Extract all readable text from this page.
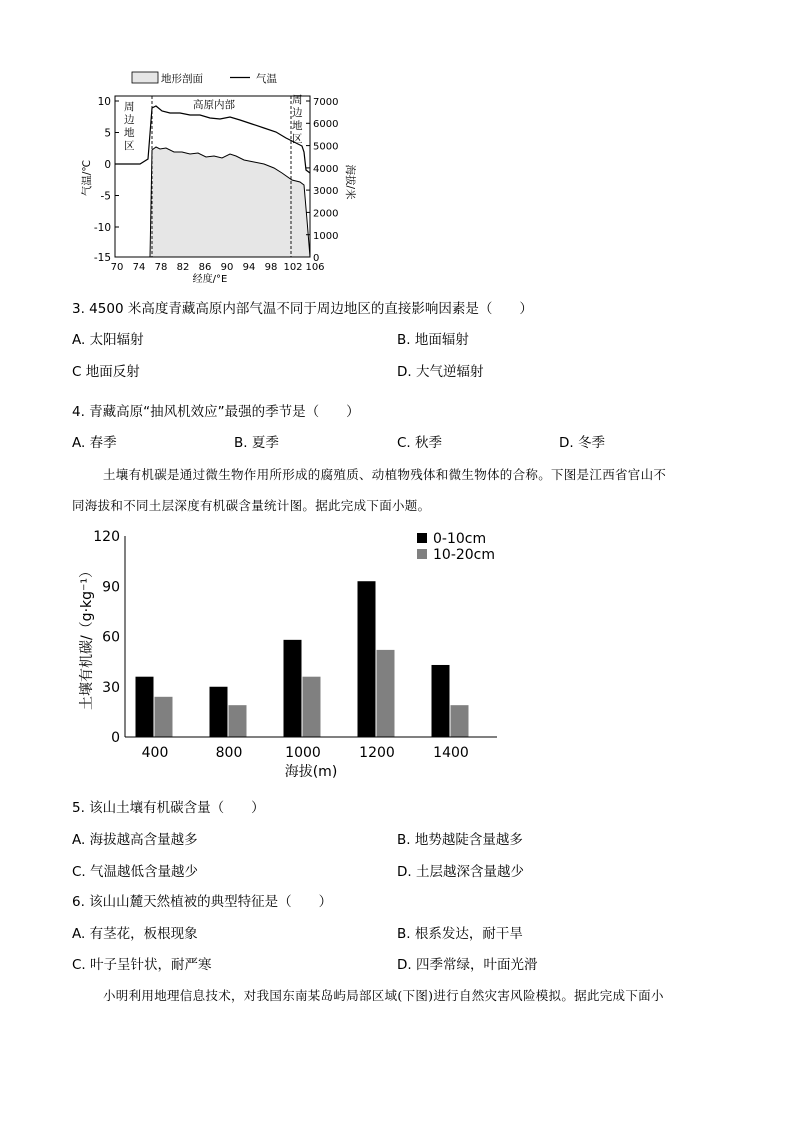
地形剖面	气温
周
边
地
区
高原内部	周
边
地
区
10
5
0
-5
-10
-15
气温/℃
7000
6000
5000
4000
3000
2000
1000
0
海拔/米
70 74 78 82 86 90 94 98 102 106
经度/°E
3. 4500 米高度青藏高原内部气温不同于周边地区的直接影响因素是（　　）
A. 太阳辐射	B. 地面辐射
C 地面反射	D. 大气逆辐射
4. 青藏高原“抽风机效应”最强的季节是（　　）
A. 春季	B. 夏季	C. 秋季	D. 冬季
土壤有机碳是通过微生物作用所形成的腐殖质、动植物残体和微生物体的合称。下图是江西省官山不
同海拔和不同土层深度有机碳含量统计图。据此完成下面小题。
120
90
60
30
0
400	800	1000	1200	1400
0-10cm
10-20cm
土壤有机碳/（g·kg⁻¹）
海拔(m)
5. 该山土壤有机碳含量（　　）
A. 海拔越高含量越多	B. 地势越陡含量越多
C. 气温越低含量越少	D. 土层越深含量越少
6. 该山山麓天然植被的典型特征是（　　）
A. 有茎花，板根现象	B. 根系发达，耐干旱
C. 叶子呈针状，耐严寒	D. 四季常绿，叶面光滑
小明利用地理信息技术，对我国东南某岛屿局部区域(下图)进行自然灾害风险模拟。据此完成下面小
